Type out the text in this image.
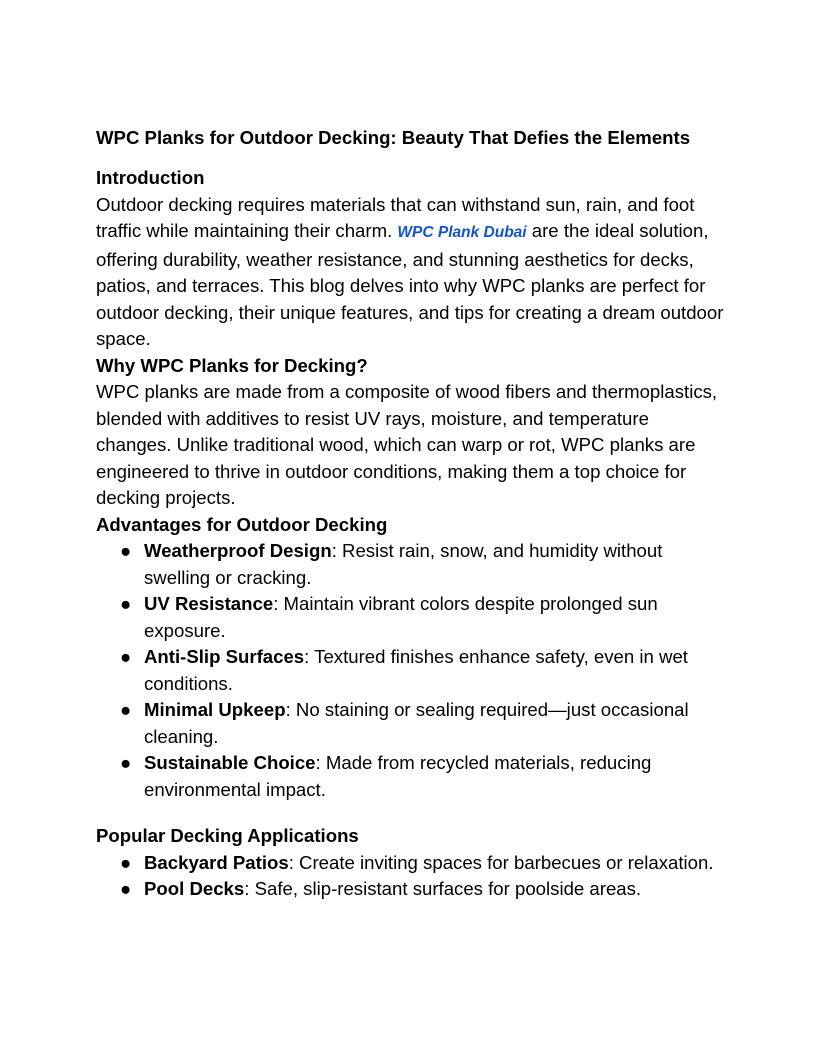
WPC Planks for Outdoor Decking: Beauty That Defies the Elements
Introduction

Outdoor decking requires materials that can withstand sun, rain, and foot traffic while maintaining their charm. WPC Plank Dubai are the ideal solution, offering durability, weather resistance, and stunning aesthetics for decks, patios, and terraces. This blog delves into why WPC planks are perfect for outdoor decking, their unique features, and tips for creating a dream outdoor space.

Why WPC Planks for Decking?

WPC planks are made from a composite of wood fibers and thermoplastics, blended with additives to resist UV rays, moisture, and temperature changes. Unlike traditional wood, which can warp or rot, WPC planks are engineered to thrive in outdoor conditions, making them a top choice for decking projects.

Advantages for Outdoor Decking
● Weatherproof Design: Resist rain, snow, and humidity without swelling or cracking.
● UV Resistance: Maintain vibrant colors despite prolonged sun exposure.
● Anti-Slip Surfaces: Textured finishes enhance safety, even in wet conditions.
● Minimal Upkeep: No staining or sealing required—just occasional cleaning.
● Sustainable Choice: Made from recycled materials, reducing environmental impact.
Popular Decking Applications
● Backyard Patios: Create inviting spaces for barbecues or relaxation.
● Pool Decks: Safe, slip-resistant surfaces for poolside areas.
